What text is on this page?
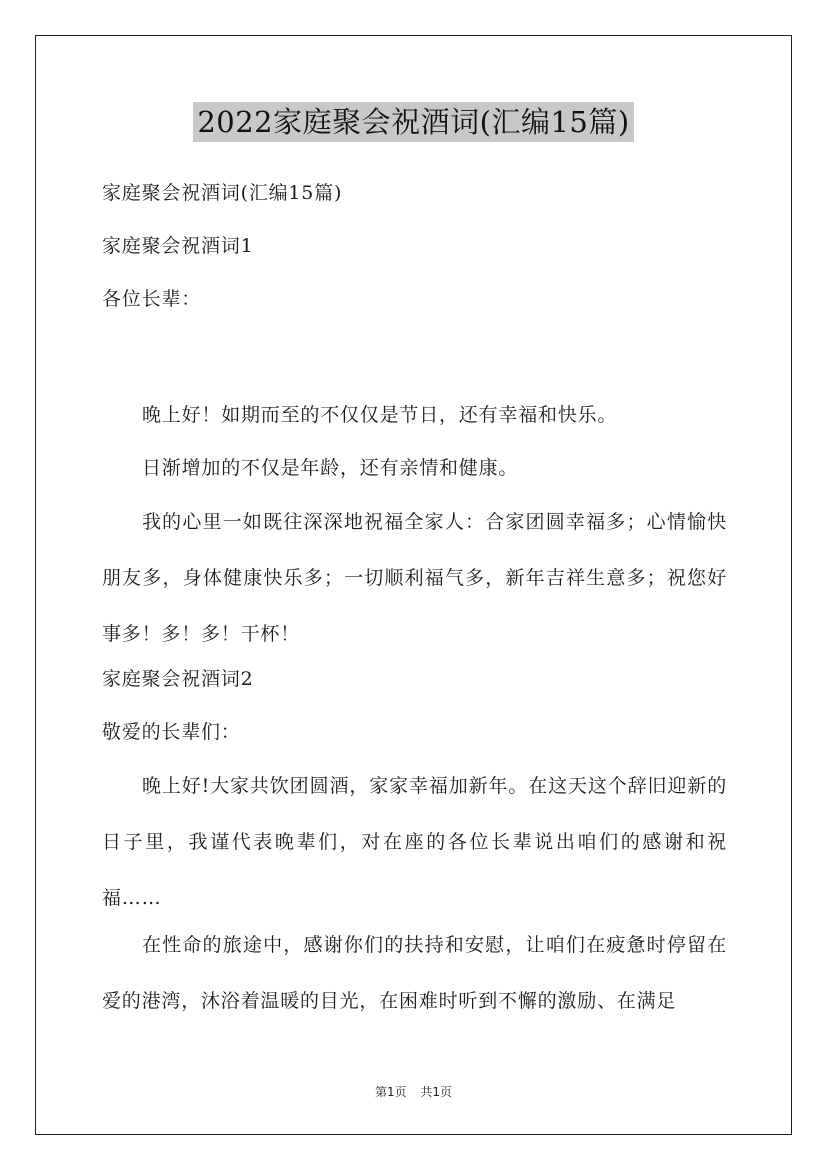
2022家庭聚会祝酒词(汇编15篇)

家庭聚会祝酒词(汇编15篇)

家庭聚会祝酒词1

各位长辈：

晚上好！如期而至的不仅仅是节日，还有幸福和快乐。

日渐增加的不仅是年龄，还有亲情和健康。

我的心里一如既往深深地祝福全家人：合家团圆幸福多；心情愉快朋友多，身体健康快乐多；一切顺利福气多，新年吉祥生意多；祝您好事多！多！多！干杯！

家庭聚会祝酒词2

敬爱的长辈们：

晚上好!大家共饮团圆酒，家家幸福加新年。在这天这个辞旧迎新的日子里，我谨代表晚辈们，对在座的各位长辈说出咱们的感谢和祝福……

在性命的旅途中，感谢你们的扶持和安慰，让咱们在疲惫时停留在爱的港湾，沐浴着温暖的目光，在困难时听到不懈的激励、在满足

第1页 共1页
